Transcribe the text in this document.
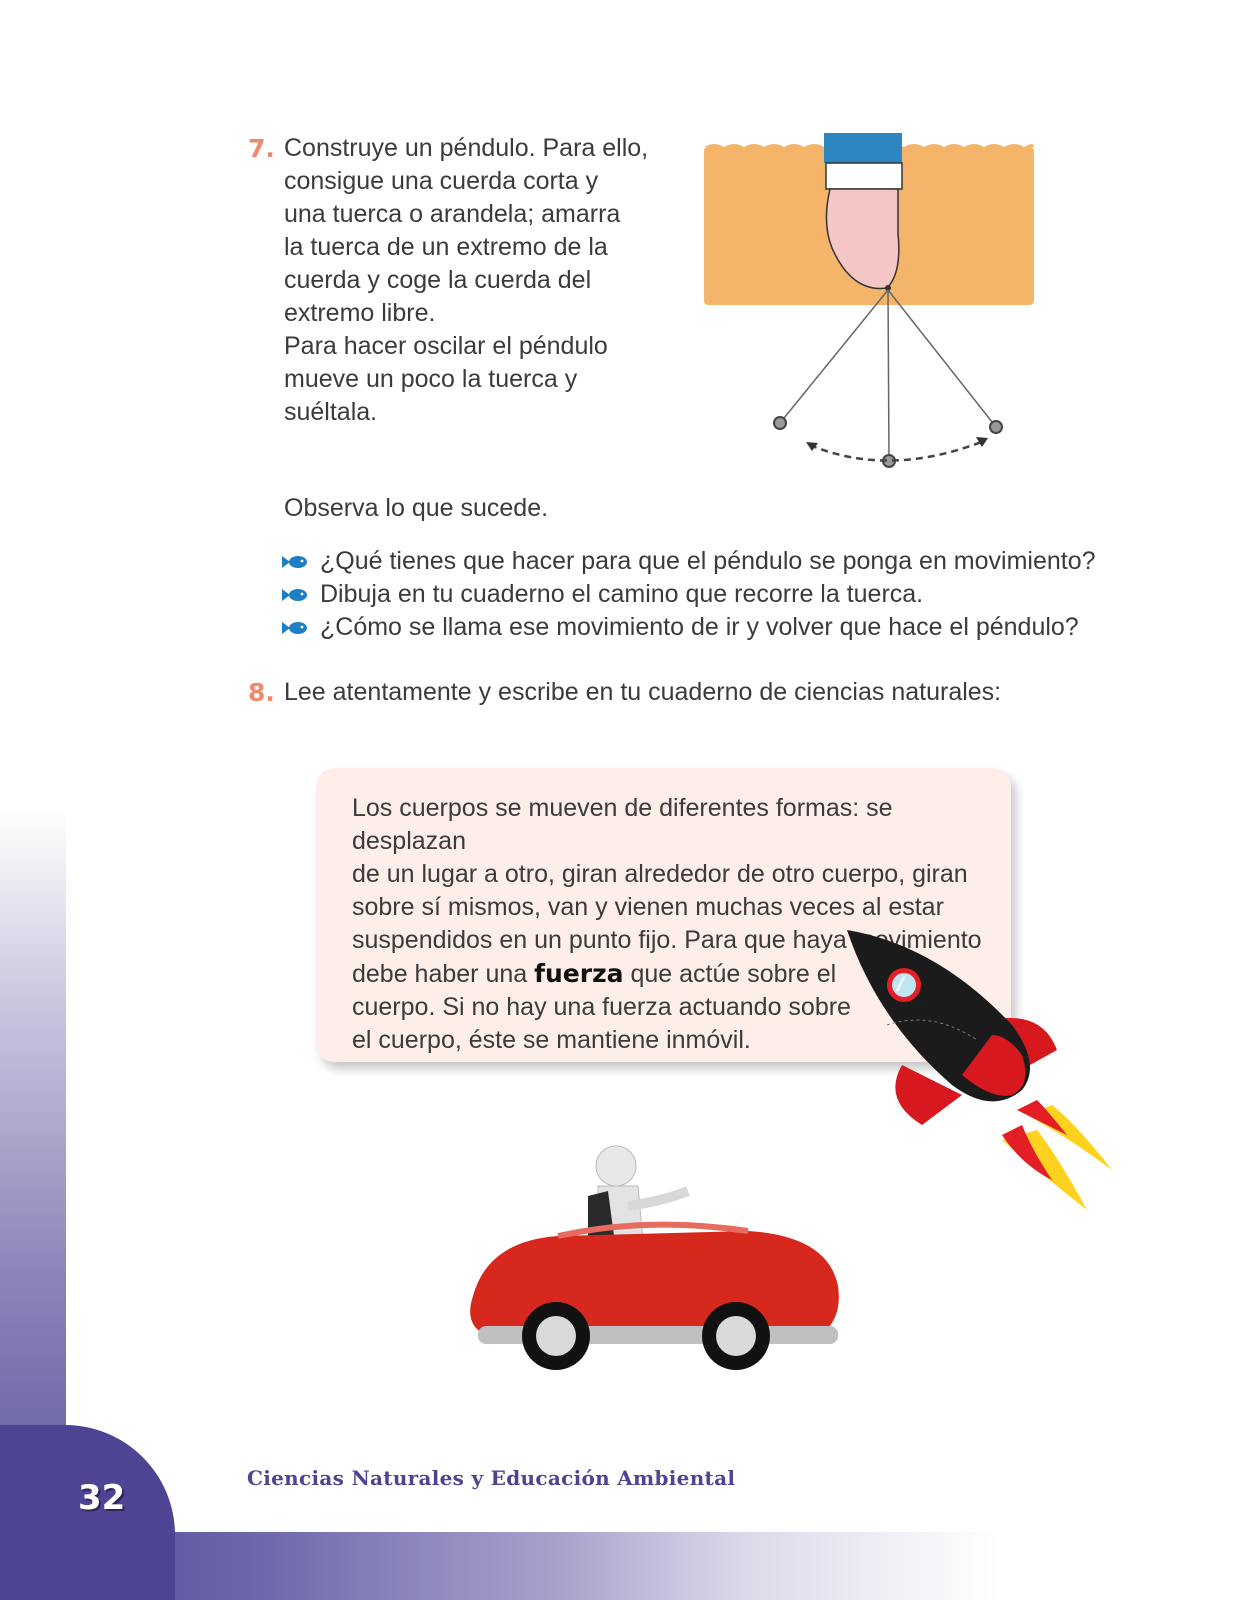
7. Construye un péndulo. Para ello,
consigue una cuerda corta y
una tuerca o arandela; amarra
la tuerca de un extremo de la
cuerda y coge la cuerda del
extremo libre.
Para hacer oscilar el péndulo
mueve un poco la tuerca y
suéltala.
Observa lo que sucede.
¿Qué tienes que hacer para que el péndulo se ponga en movimiento?
Dibuja en tu cuaderno el camino que recorre la tuerca.
¿Cómo se llama ese movimiento de ir y volver que hace el péndulo?
8. Lee atentamente y escribe en tu cuaderno de ciencias naturales:
Los cuerpos se mueven de diferentes formas: se desplazan
de un lugar a otro, giran alrededor de otro cuerpo, giran
sobre sí mismos, van y vienen muchas veces al estar
suspendidos en un punto fijo. Para que haya movimiento
debe haber una fuerza que actúe sobre el
cuerpo. Si no hay una fuerza actuando sobre
el cuerpo, éste se mantiene inmóvil.
32	Ciencias Naturales y Educación Ambiental
